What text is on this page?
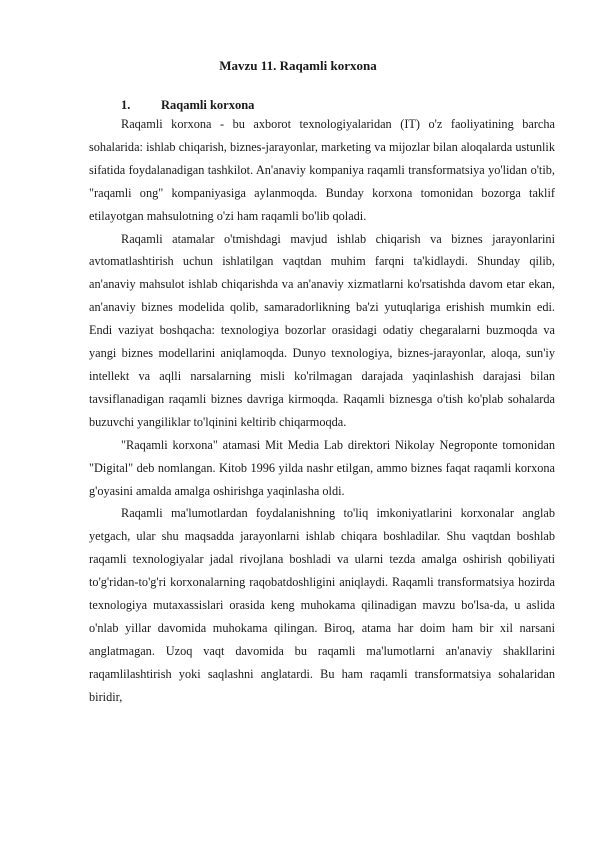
Mavzu 11. Raqamli korxona
1. Raqamli korxona

Raqamli korxona - bu axborot texnologiyalaridan (IT) o'z faoliyatining barcha sohalarida: ishlab chiqarish, biznes-jarayonlar, marketing va mijozlar bilan aloqalarda ustunlik sifatida foydalanadigan tashkilot. An'anaviy kompaniya raqamli transformatsiya yo'lidan o'tib, "raqamli ong" kompaniyasiga aylanmoqda. Bunday korxona tomonidan bozorga taklif etilayotgan mahsulotning o'zi ham raqamli bo'lib qoladi.

Raqamli atamalar o'tmishdagi mavjud ishlab chiqarish va biznes jarayonlarini avtomatlashtirish uchun ishlatilgan vaqtdan muhim farqni ta'kidlaydi. Shunday qilib, an'anaviy mahsulot ishlab chiqarishda va an'anaviy xizmatlarni ko'rsatishda davom etar ekan, an'anaviy biznes modelida qolib, samaradorlikning ba'zi yutuqlariga erishish mumkin edi. Endi vaziyat boshqacha: texnologiya bozorlar orasidagi odatiy chegaralarni buzmoqda va yangi biznes modellarini aniqlamoqda. Dunyo texnologiya, biznes-jarayonlar, aloqa, sun'iy intellekt va aqlli narsalarning misli ko'rilmagan darajada yaqinlashish darajasi bilan tavsiflanadigan raqamli biznes davriga kirmoqda. Raqamli biznesga o'tish ko'plab sohalarda buzuvchi yangiliklar to'lqinini keltirib chiqarmoqda.

"Raqamli korxona" atamasi Mit Media Lab direktori Nikolay Negroponte tomonidan "Digital" deb nomlangan. Kitob 1996 yilda nashr etilgan, ammo biznes faqat raqamli korxona g'oyasini amalda amalga oshirishga yaqinlasha oldi.

Raqamli ma'lumotlardan foydalanishning to'liq imkoniyatlarini korxonalar anglab yetgach, ular shu maqsadda jarayonlarni ishlab chiqara boshladilar. Shu vaqtdan boshlab raqamli texnologiyalar jadal rivojlana boshladi va ularni tezda amalga oshirish qobiliyati to'g'ridan-to'g'ri korxonalarning raqobatdoshligini aniqlaydi. Raqamli transformatsiya hozirda texnologiya mutaxassislari orasida keng muhokama qilinadigan mavzu bo'lsa-da, u aslida o'nlab yillar davomida muhokama qilingan. Biroq, atama har doim ham bir xil narsani anglatmagan. Uzoq vaqt davomida bu raqamli ma'lumotlarni an'anaviy shakllarini raqamlilashtirish yoki saqlashni anglatardi. Bu ham raqamli transformatsiya sohalaridan biridir,
